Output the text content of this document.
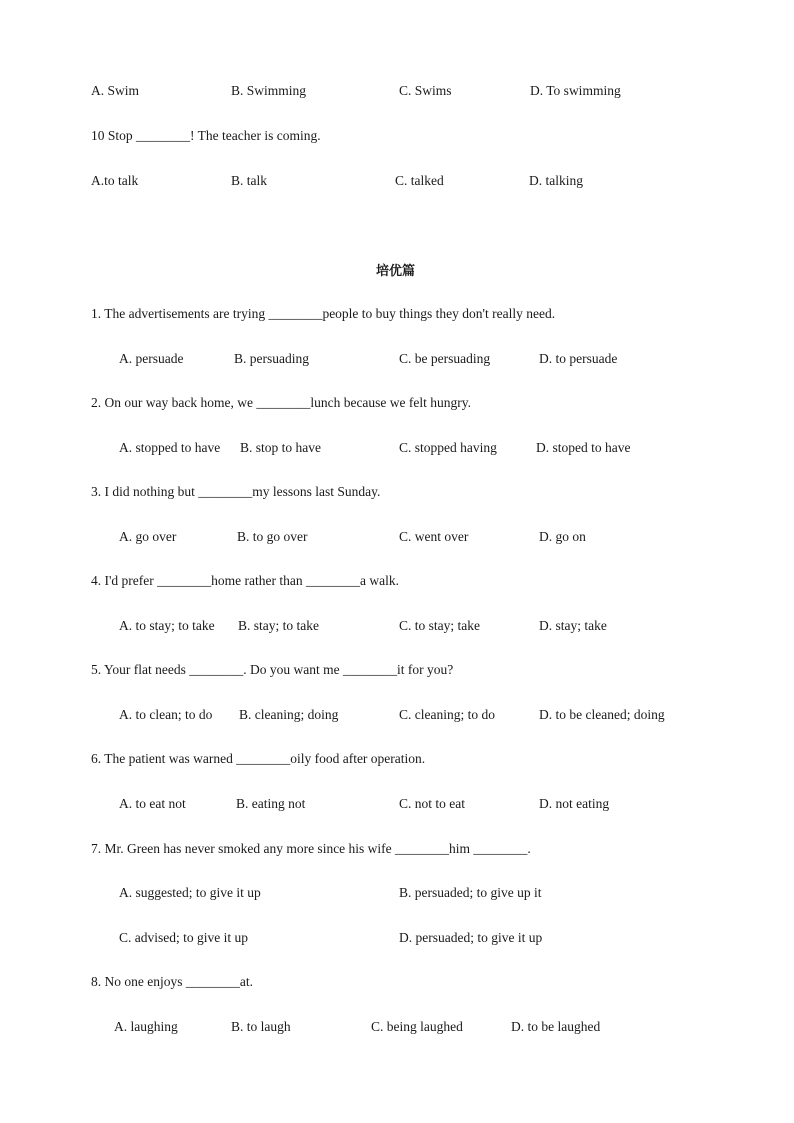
A. Swim	B. Swimming	C. Swims	D. To swimming
10 Stop ________! The teacher is coming.
A.to talk	B. talk	C. talked	D. talking
培优篇
1. The advertisements are trying ________people to buy things they don't really need.
A. persuade	B. persuading	C. be persuading	D. to persuade
2. On our way back home, we ________lunch because we felt hungry.
A. stopped to have B. stop to have	C. stopped having	D. stoped to have
3. I did nothing but ________my lessons last Sunday.
A. go over	B. to go over	C. went over	D. go on
4. I'd prefer ________home rather than ________a walk.
A. to stay; to take B. stay; to take	C. to stay; take	D. stay; take
5. Your flat needs ________. Do you want me ________it for you?
A. to clean; to do B. cleaning; doing	C. cleaning; to do	D. to be cleaned; doing
6. The patient was warned ________oily food after operation.
A. to eat not	B. eating not	C. not to eat	D. not eating
7. Mr. Green has never smoked any more since his wife ________him ________.
A. suggested; to give it up	B. persuaded; to give up it
C. advised; to give it up	D. persuaded; to give it up
8. No one enjoys ________at.
A. laughing	B. to laugh	C. being laughed	D. to be laughed
